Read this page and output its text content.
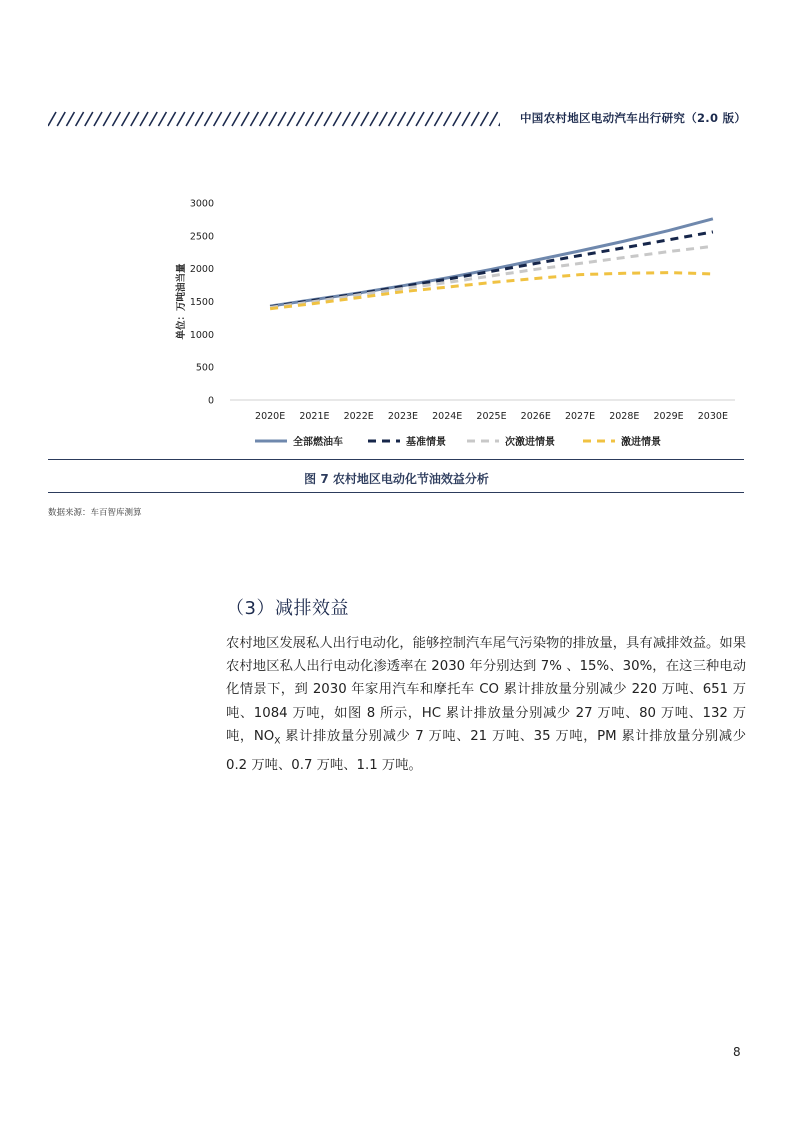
中国农村地区电动汽车出行研究（2.0 版）
0
500
1000
1500
2000
2500
3000
单位：万吨油当量
2020E 2021E 2022E 2023E 2024E 2025E 2026E 2027E 2028E 2029E 2030E
全部燃油车	基准情景	次激进情景	激进情景
图 7 农村地区电动化节油效益分析
数据来源：车百智库测算
（3）减排效益

农村地区发展私人出行电动化，能够控制汽车尾气污染物的排放量，具有减排效益。如果农村地区私人出行电动化渗透率在 2030 年分别达到 7% 、15%、30%，在这三种电动化情景下，到 2030 年家用汽车和摩托车 CO 累计排放量分别减少 220 万吨、651 万吨、1084 万吨，如图 8 所示，HC 累计排放量分别减少 27 万吨、80 万吨、132 万吨，$NO_X$ 累计排放量分别减少 7 万吨、21 万吨、35 万吨，PM 累计排放量分别减少 0.2 万吨、0.7 万吨、1.1 万吨。

8
